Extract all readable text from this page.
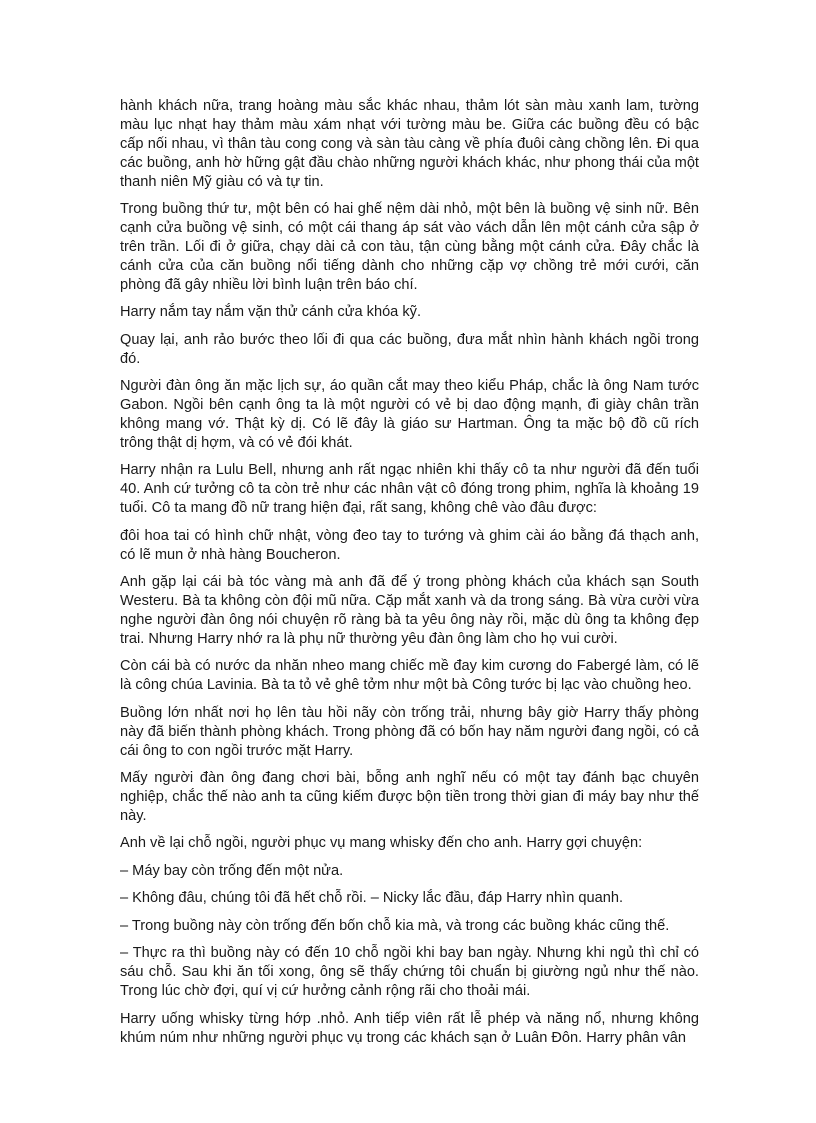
hành khách nữa, trang hoàng màu sắc khác nhau, thảm lót sàn màu xanh lam, tường màu lục nhạt hay thảm màu xám nhạt với tường màu be. Giữa các buồng đều có bậc cấp nối nhau, vì thân tàu cong cong và sàn tàu càng về phía đuôi càng chồng lên. Đi qua các buồng, anh hờ hững gật đầu chào những người khách khác, như phong thái của một thanh niên Mỹ giàu có và tự tin.

Trong buồng thứ tư, một bên có hai ghế nệm dài nhỏ, một bên là buồng vệ sinh nữ. Bên cạnh cửa buồng vệ sinh, có một cái thang áp sát vào vách dẫn lên một cánh cửa sập ở trên trần. Lối đi ở giữa, chạy dài cả con tàu, tận cùng bằng một cánh cửa. Đây chắc là cánh cửa của căn buồng nổi tiếng dành cho những cặp vợ chồng trẻ mới cưới, căn phòng đã gây nhiều lời bình luận trên báo chí.

Harry nắm tay nắm vặn thử cánh cửa khóa kỹ.

Quay lại, anh rảo bước theo lối đi qua các buồng, đưa mắt nhìn hành khách ngồi trong đó.

Người đàn ông ăn mặc lịch sự, áo quần cắt may theo kiểu Pháp, chắc là ông Nam tước Gabon. Ngồi bên cạnh ông ta là một người có vẻ bị dao động mạnh, đi giày chân trần không mang vớ. Thật kỳ dị. Có lẽ đây là giáo sư Hartman. Ông ta mặc bộ đồ cũ rích trông thật dị hợm, và có vẻ đói khát.

Harry nhận ra Lulu Bell, nhưng anh rất ngạc nhiên khi thấy cô ta như người đã đến tuổi 40. Anh cứ tưởng cô ta còn trẻ như các nhân vật cô đóng trong phim, nghĩa là khoảng 19 tuổi. Cô ta mang đồ nữ trang hiện đại, rất sang, không chê vào đâu được:

đôi hoa tai có hình chữ nhật, vòng đeo tay to tướng và ghim cài áo bằng đá thạch anh, có lẽ mun ở nhà hàng Boucheron.

Anh gặp lại cái bà tóc vàng mà anh đã để ý trong phòng khách của khách sạn South Westeru. Bà ta không còn đội mũ nữa. Cặp mắt xanh và da trong sáng. Bà vừa cười vừa nghe người đàn ông nói chuyện rõ ràng bà ta yêu ông này rồi, mặc dù ông ta không đẹp trai. Nhưng Harry nhớ ra là phụ nữ thường yêu đàn ông làm cho họ vui cười.

Còn cái bà có nước da nhăn nheo mang chiếc mề đay kim cương do Fabergé làm, có lẽ là công chúa Lavinia. Bà ta tỏ vẻ ghê tởm như một bà Công tước bị lạc vào chuồng heo.

Buồng lớn nhất nơi họ lên tàu hồi nãy còn trống trải, nhưng bây giờ Harry thấy phòng này đã biến thành phòng khách. Trong phòng đã có bốn hay năm người đang ngồi, có cả cái ông to con ngồi trước mặt Harry.

Mấy người đàn ông đang chơi bài, bỗng anh nghĩ nếu có một tay đánh bạc chuyên nghiệp, chắc thế nào anh ta cũng kiếm được bộn tiền trong thời gian đi máy bay như thế này.

Anh về lại chỗ ngồi, người phục vụ mang whisky đến cho anh. Harry gợi chuyện:

– Máy bay còn trống đến một nửa.

– Không đâu, chúng tôi đã hết chỗ rồi. – Nicky lắc đầu, đáp Harry nhìn quanh.

– Trong buồng này còn trống đến bốn chỗ kia mà, và trong các buồng khác cũng thế.

– Thực ra thì buồng này có đến 10 chỗ ngồi khi bay ban ngày. Nhưng khi ngủ thì chỉ có sáu chỗ. Sau khi ăn tối xong, ông sẽ thấy chứng tôi chuẩn bị giường ngủ như thế nào. Trong lúc chờ đợi, quí vị cứ hưởng cảnh rộng rãi cho thoải mái.

Harry uống whisky từng hớp .nhỏ. Anh tiếp viên rất lễ phép và năng nổ, nhưng không khúm núm như những người phục vụ trong các khách sạn ở Luân Đôn. Harry phân vân
